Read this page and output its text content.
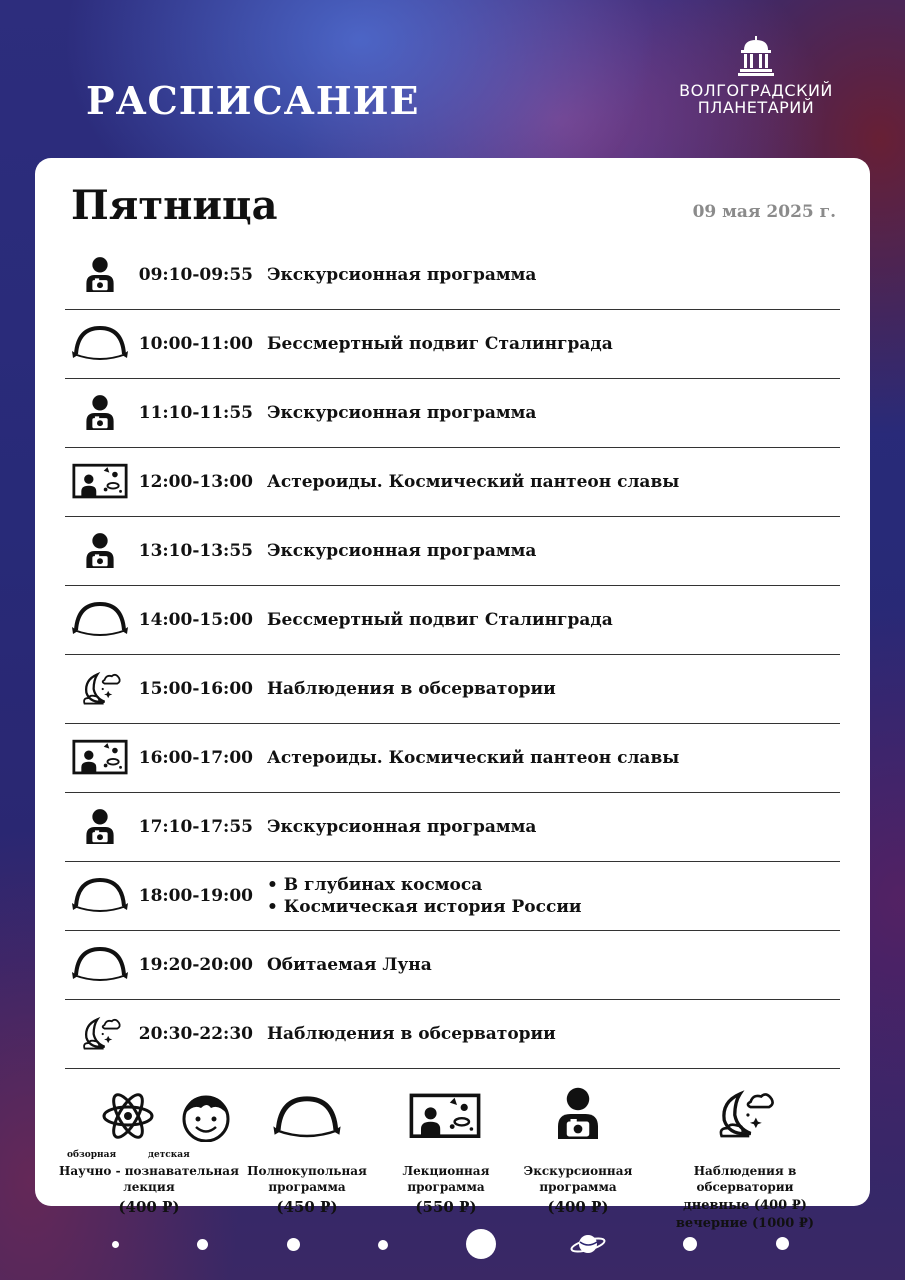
РАСПИСАНИЕ	ВОЛГОГРАДСКИЙ
ПЛАНЕТАРИЙ
Пятница	09 мая 2025 г.
09:10-09:55 Экскурсионная программа
10:00-11:00 Бессмертный подвиг Сталинграда
11:10-11:55 Экскурсионная программа
12:00-13:00 Астероиды. Космический пантеон славы
13:10-13:55 Экскурсионная программа
14:00-15:00 Бессмертный подвиг Сталинграда
15:00-16:00 Наблюдения в обсерватории
16:00-17:00 Астероиды. Космический пантеон славы
17:10-17:55 Экскурсионная программа
18:00-19:00
• В глубинах космоса
• Космическая история России
19:20-20:00 Обитаемая Луна
20:30-22:30 Наблюдения в обсерватории
обзорная	детская
Научно - познавательная
лекция
(400 ₽)
Полнокупольная
программа
(450 ₽)
Лекционная
программа
(550 ₽)
Экскурсионная
программа
(400 ₽)
Наблюдения в обсерватории
дневные (400 ₽)
вечерние (1000 ₽)
